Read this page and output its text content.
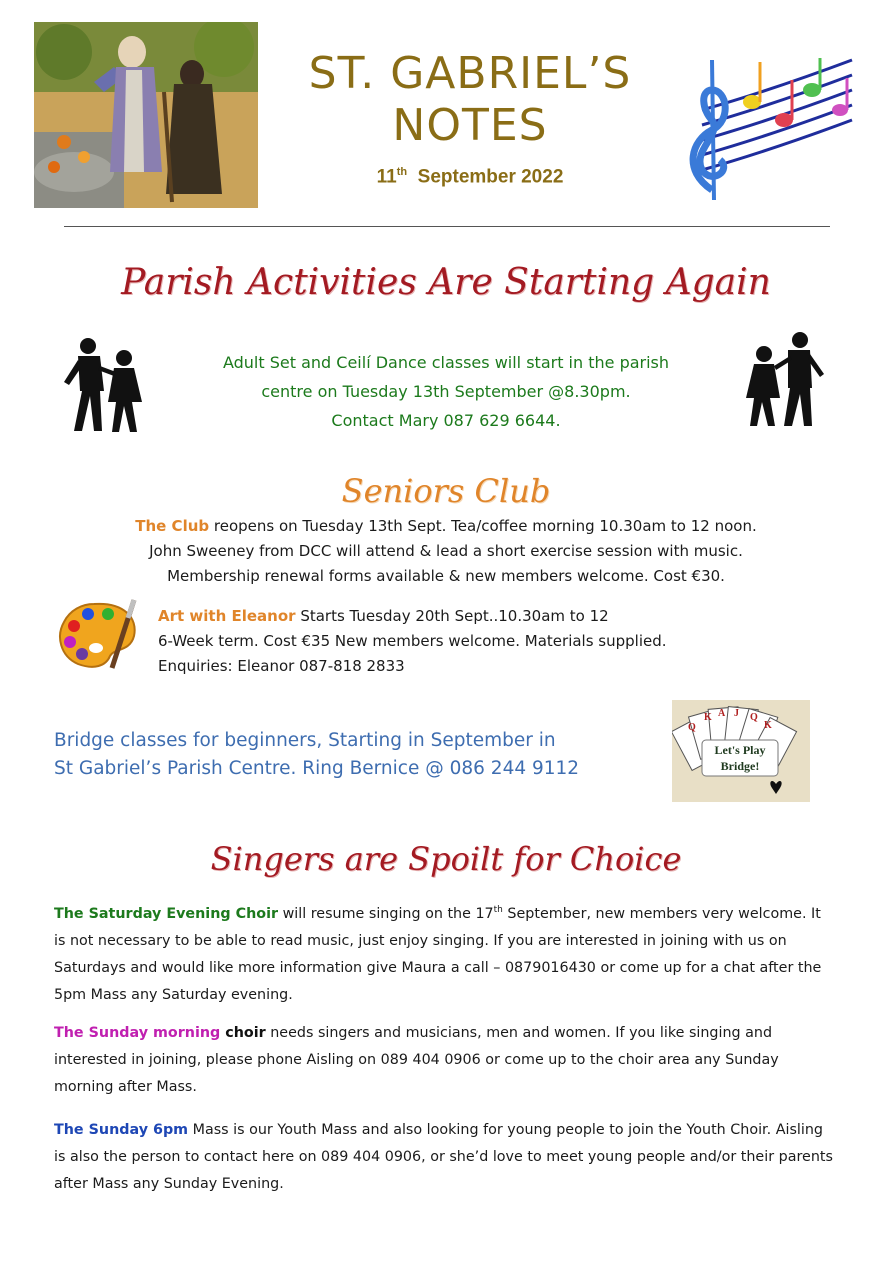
ST. GABRIEL’S
NOTES
11th September 2022
Parish Activities Are Starting Again
Adult Set and Ceilí Dance classes will start in the parish
centre on Tuesday 13th September @8.30pm.
Contact Mary 087 629 6644.
Seniors Club
The Club reopens on Tuesday 13th Sept. Tea/coffee morning 10.30am to 12 noon.
John Sweeney from DCC will attend & lead a short exercise session with music.
Membership renewal forms available & new members welcome. Cost €30.
Art with Eleanor Starts Tuesday 20th Sept..10.30am to 12
6-Week term. Cost €35 New members welcome. Materials supplied.
Enquiries: Eleanor 087-818 2833
Bridge classes for beginners, Starting in September in
St Gabriel’s Parish Centre. Ring Bernice @ 086 244 9112
Q
K A J Q
K
Let's Play
Bridge!
Singers are Spoilt for Choice

The Saturday Evening Choir will resume singing on the 17th September, new members very welcome. It is not necessary to be able to read music, just enjoy singing. If you are interested in joining with us on Saturdays and would like more information give Maura a call – 0879016430 or come up for a chat after the 5pm Mass any Saturday evening.

The Sunday morning choir needs singers and musicians, men and women. If you like singing and interested in joining, please phone Aisling on 089 404 0906 or come up to the choir area any Sunday morning after Mass.

The Sunday 6pm Mass is our Youth Mass and also looking for young people to join the Youth Choir. Aisling is also the person to contact here on 089 404 0906, or she’d love to meet young people and/or their parents after Mass any Sunday Evening.
